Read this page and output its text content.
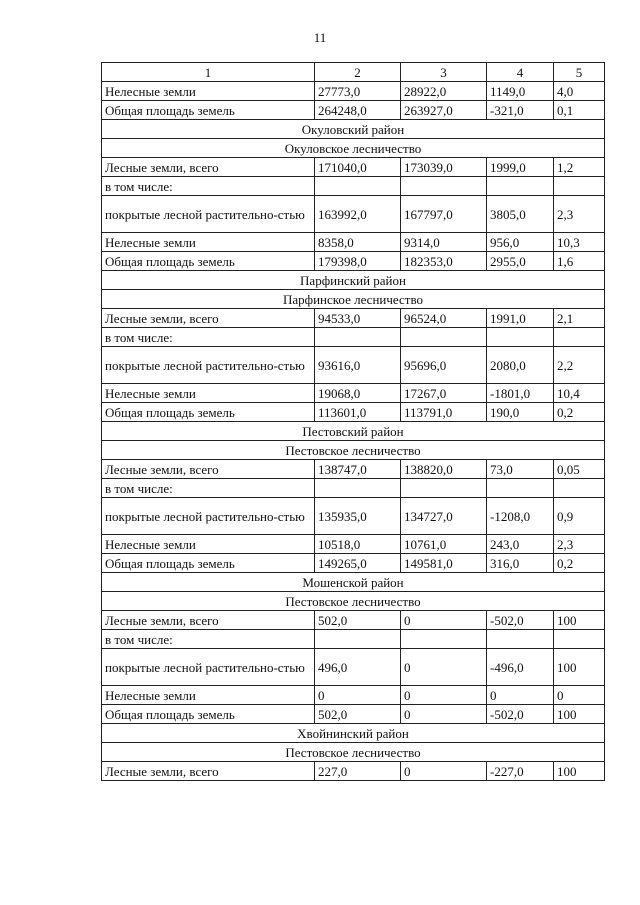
11
1	2	3	4	5
Нелесные земли	27773,0	28922,0	1149,0	4,0
Общая площадь земель	264248,0	263927,0	-321,0	0,1
Окуловский район				
Окуловское лесничество				
Лесные земли, всего	171040,0	173039,0	1999,0	1,2
в том числе:				
покрытые лесной растительно-стью	163992,0	167797,0	3805,0	2,3
Нелесные земли	8358,0	9314,0	956,0	10,3
Общая площадь земель	179398,0	182353,0	2955,0	1,6
Парфинский район				
Парфинское лесничество				
Лесные земли, всего	94533,0	96524,0	1991,0	2,1
в том числе:				
покрытые лесной растительно-стью	93616,0	95696,0	2080,0	2,2
Нелесные земли	19068,0	17267,0	-1801,0	10,4
Общая площадь земель	113601,0	113791,0	190,0	0,2
Пестовский район				
Пестовское лесничество				
Лесные земли, всего	138747,0	138820,0	73,0	0,05
в том числе:				
покрытые лесной растительно-стью	135935,0	134727,0	-1208,0	0,9
Нелесные земли	10518,0	10761,0	243,0	2,3
Общая площадь земель	149265,0	149581,0	316,0	0,2
Мошенской район				
Пестовское лесничество				
Лесные земли, всего	502,0	0	-502,0	100
в том числе:				
покрытые лесной растительно-стью	496,0	0	-496,0	100
Нелесные земли	0	0	0	0
Общая площадь земель	502,0	0	-502,0	100
Хвойнинский район				
Пестовское лесничество				
Лесные земли, всего	227,0	0	-227,0	100
